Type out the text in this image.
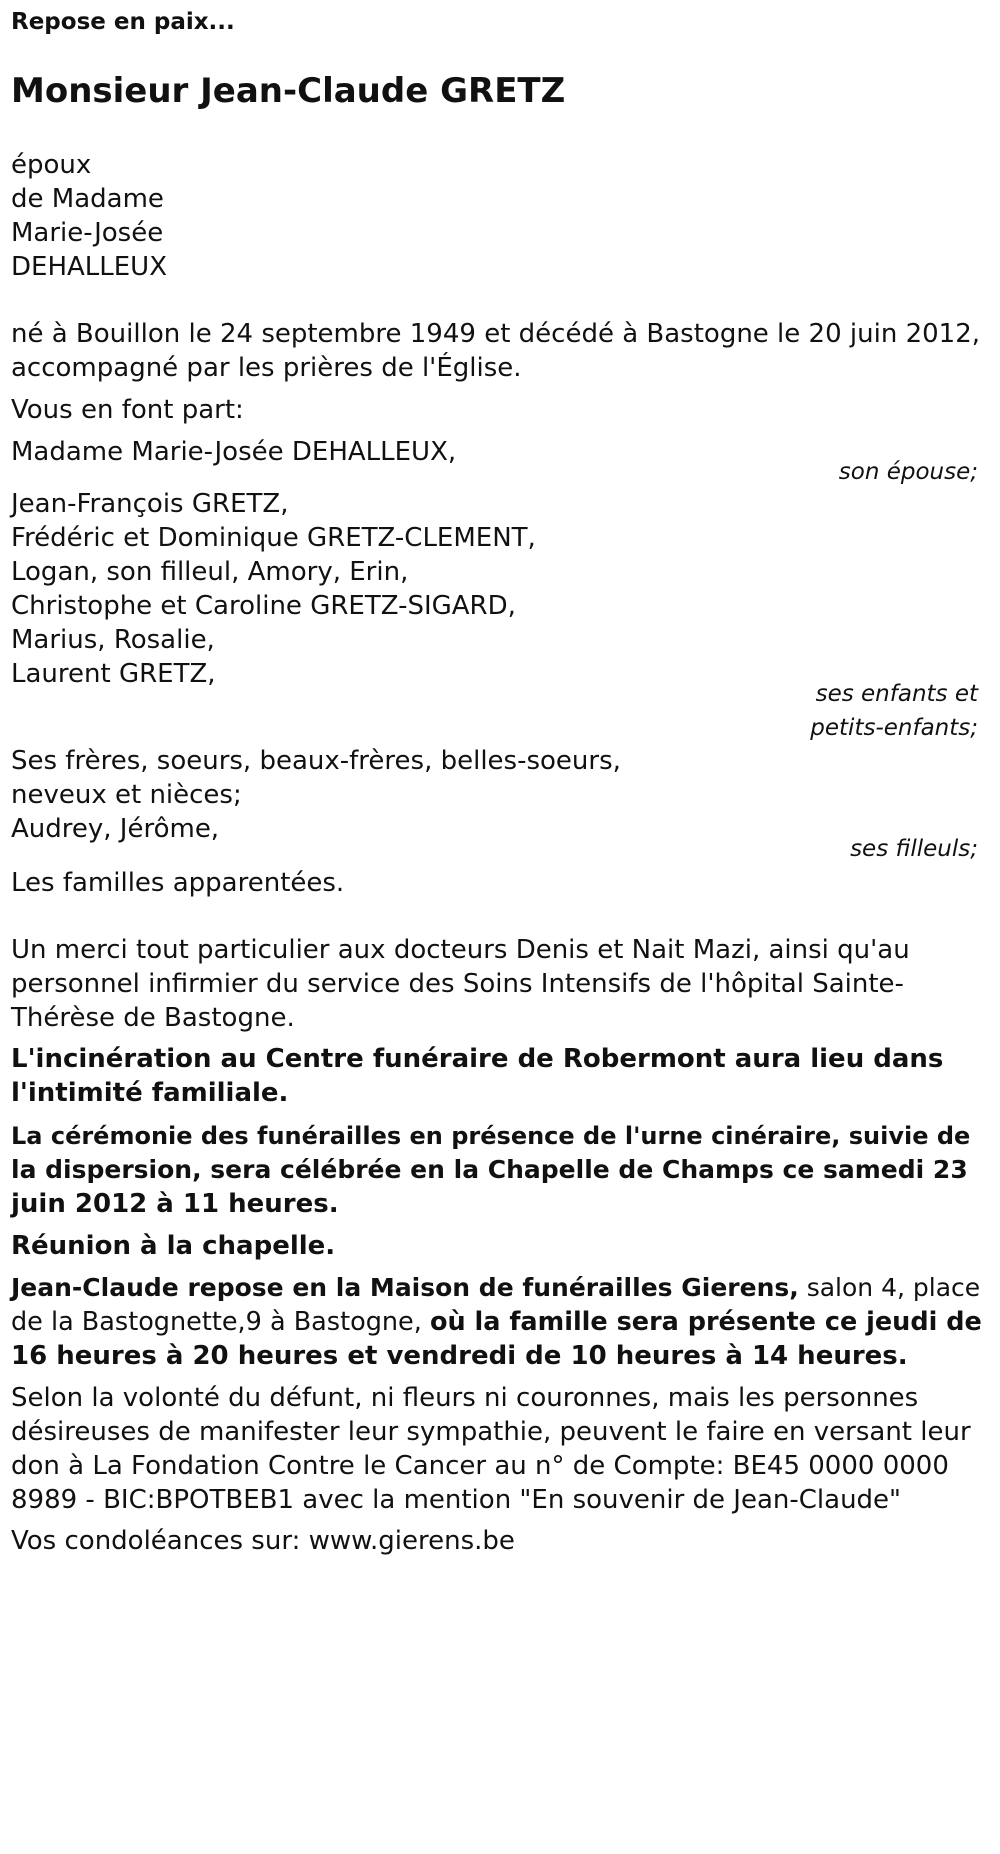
Repose en paix...
Monsieur Jean-Claude GRETZ
époux
de Madame
Marie-Josée
DEHALLEUX
né à Bouillon le 24 septembre 1949 et décédé à Bastogne le 20 juin 2012,
accompagné par les prières de l'Église.
Vous en font part:
Madame Marie-Josée DEHALLEUX,
son épouse;
Jean-François GRETZ,
Frédéric et Dominique GRETZ-CLEMENT,
Logan, son filleul, Amory, Erin,
Christophe et Caroline GRETZ-SIGARD,
Marius, Rosalie,
Laurent GRETZ,
ses enfants et
petits-enfants;
Ses frères, soeurs, beaux-frères, belles-soeurs,
neveux et nièces;
Audrey, Jérôme,
ses filleuls;
Les familles apparentées.
Un merci tout particulier aux docteurs Denis et Nait Mazi, ainsi qu'au
personnel infirmier du service des Soins Intensifs de l'hôpital Sainte-
Thérèse de Bastogne.
L'incinération au Centre funéraire de Robermont aura lieu dans
l'intimité familiale.
La cérémonie des funérailles en présence de l'urne cinéraire, suivie de
la dispersion, sera célébrée en la Chapelle de Champs ce samedi 23
juin 2012 à 11 heures.
Réunion à la chapelle.
Jean-Claude repose en la Maison de funérailles Gierens, salon 4, place
de la Bastognette,9 à Bastogne, où la famille sera présente ce jeudi de
16 heures à 20 heures et vendredi de 10 heures à 14 heures.
Selon la volonté du défunt, ni fleurs ni couronnes, mais les personnes
désireuses de manifester leur sympathie, peuvent le faire en versant leur
don à La Fondation Contre le Cancer au n° de Compte: BE45 0000 0000
8989 - BIC:BPOTBEB1 avec la mention "En souvenir de Jean-Claude"
Vos condoléances sur: www.gierens.be
